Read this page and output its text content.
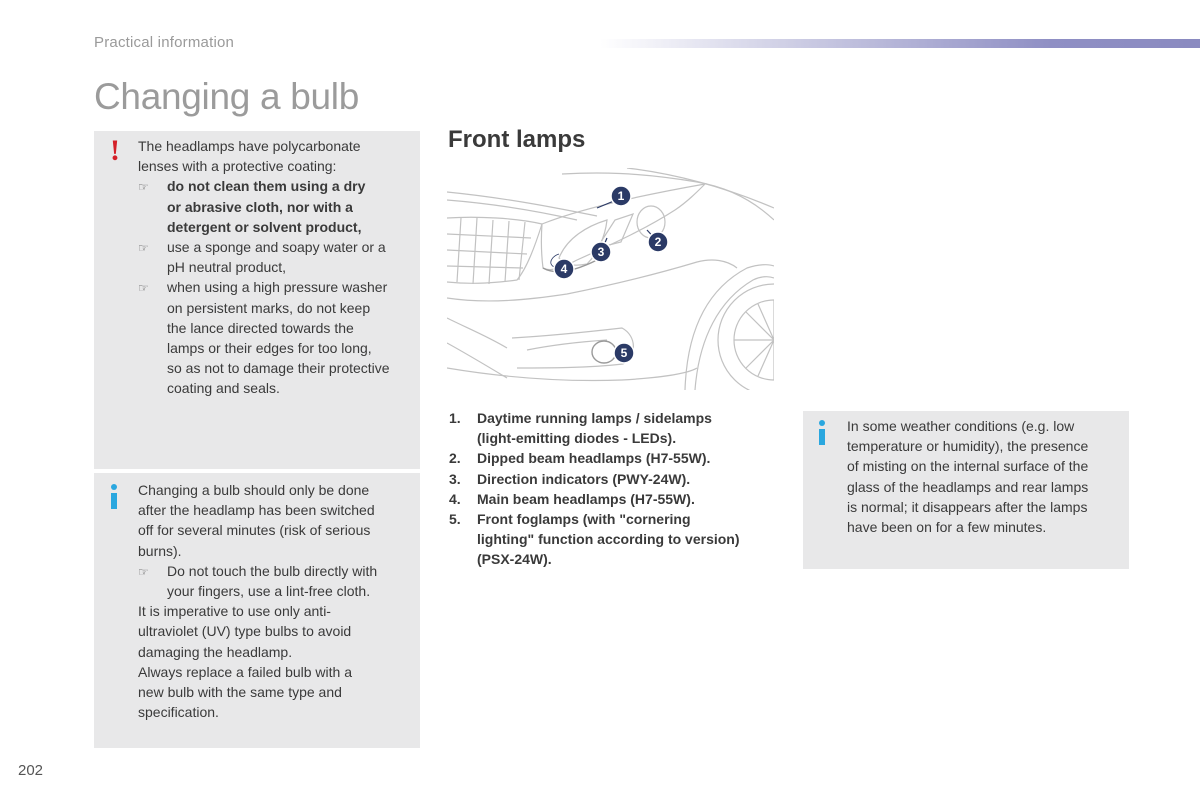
Practical information
Changing a bulb
! The headlamps have polycarbonate
lenses with a protective coating:
☞ do not clean them using a dry
or abrasive cloth, nor with a
detergent or solvent product,
☞ use a sponge and soapy water or a
pH neutral product,
☞ when using a high pressure washer
on persistent marks, do not keep
the lance directed towards the
lamps or their edges for too long,
so as not to damage their protective
coating and seals.
Changing a bulb should only be done
after the headlamp has been switched
off for several minutes (risk of serious
burns).
☞ Do not touch the bulb directly with
your fingers, use a lint-free cloth.
It is imperative to use only anti-
ultraviolet (UV) type bulbs to avoid
damaging the headlamp.
Always replace a failed bulb with a
new bulb with the same type and
specification.
Front lamps
1
2
3
4
5
1. Daytime running lamps / sidelamps
(light-emitting diodes - LEDs).
2. Dipped beam headlamps (H7-55W).
3. Direction indicators (PWY-24W).
4. Main beam headlamps (H7-55W).
5. Front foglamps (with "cornering
lighting" function according to version)
(PSX-24W).
In some weather conditions (e.g. low
temperature or humidity), the presence
of misting on the internal surface of the
glass of the headlamps and rear lamps
is normal; it disappears after the lamps
have been on for a few minutes.
202
